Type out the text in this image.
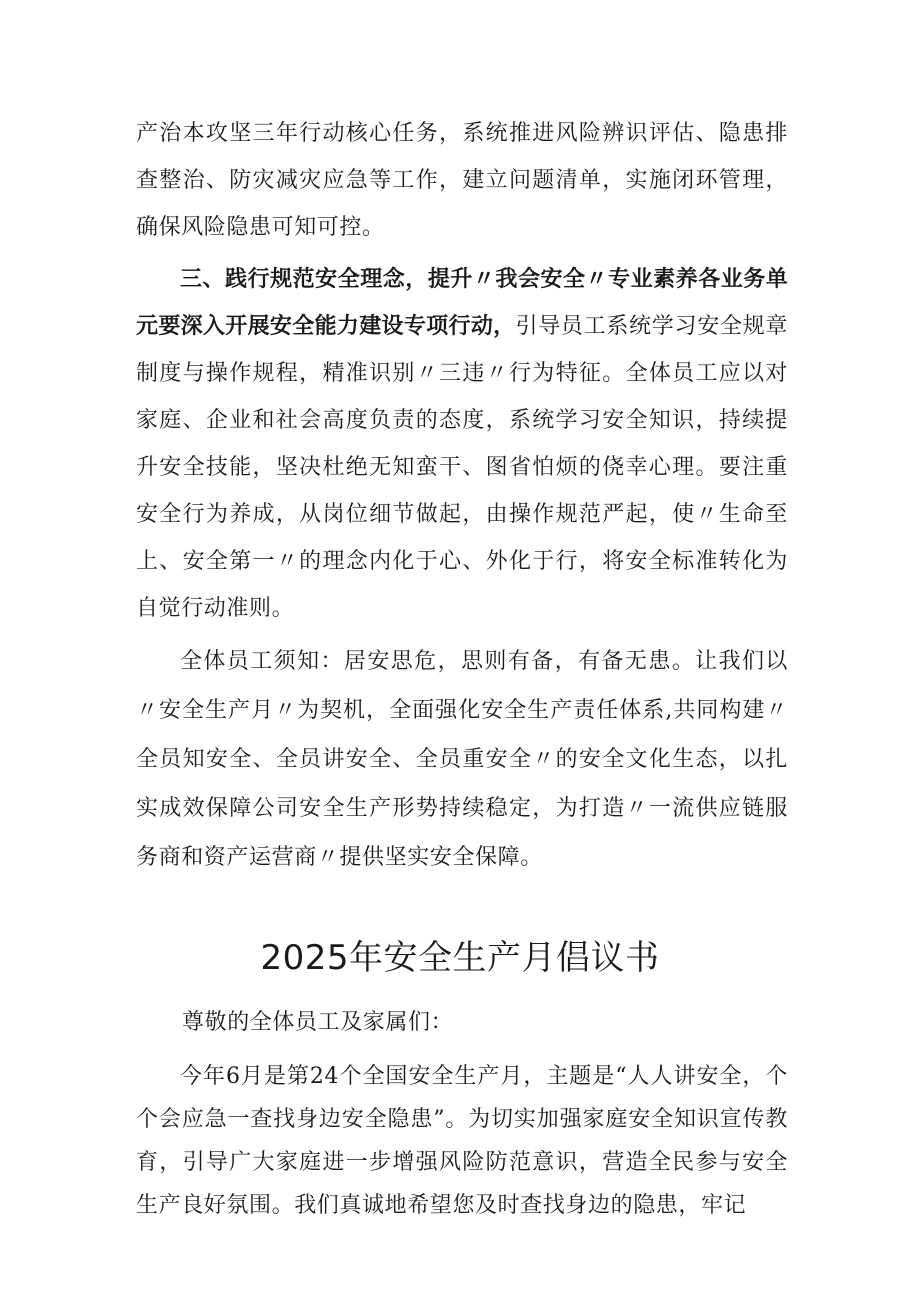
产治本攻坚三年行动核心任务，系统推进风险辨识评估、隐患排查整治、防灾减灾应急等工作，建立问题清单，实施闭环管理，确保风险隐患可知可控。

三、践行规范安全理念，提升〃我会安全〃专业素养各业务单元要深入开展安全能力建设专项行动，引导员工系统学习安全规章制度与操作规程，精准识别〃三违〃行为特征。全体员工应以对家庭、企业和社会高度负责的态度，系统学习安全知识，持续提升安全技能，坚决杜绝无知蛮干、图省怕烦的侥幸心理。要注重安全行为养成，从岗位细节做起，由操作规范严起，使〃生命至上、安全第一〃的理念内化于心、外化于行，将安全标准转化为自觉行动准则。

全体员工须知：居安思危，思则有备，有备无患。让我们以〃安全生产月〃为契机，全面强化安全生产责任体系,共同构建〃全员知安全、全员讲安全、全员重安全〃的安全文化生态，以扎实成效保障公司安全生产形势持续稳定，为打造〃一流供应链服务商和资产运营商〃提供坚实安全保障。

2025年安全生产月倡议书

尊敬的全体员工及家属们：

今年6月是第24个全国安全生产月，主题是“人人讲安全，个个会应急一查找身边安全隐患”。为切实加强家庭安全知识宣传教育，引导广大家庭进一步增强风险防范意识，营造全民参与安全生产良好氛围。我们真诚地希望您及时查找身边的隐患，牢记
